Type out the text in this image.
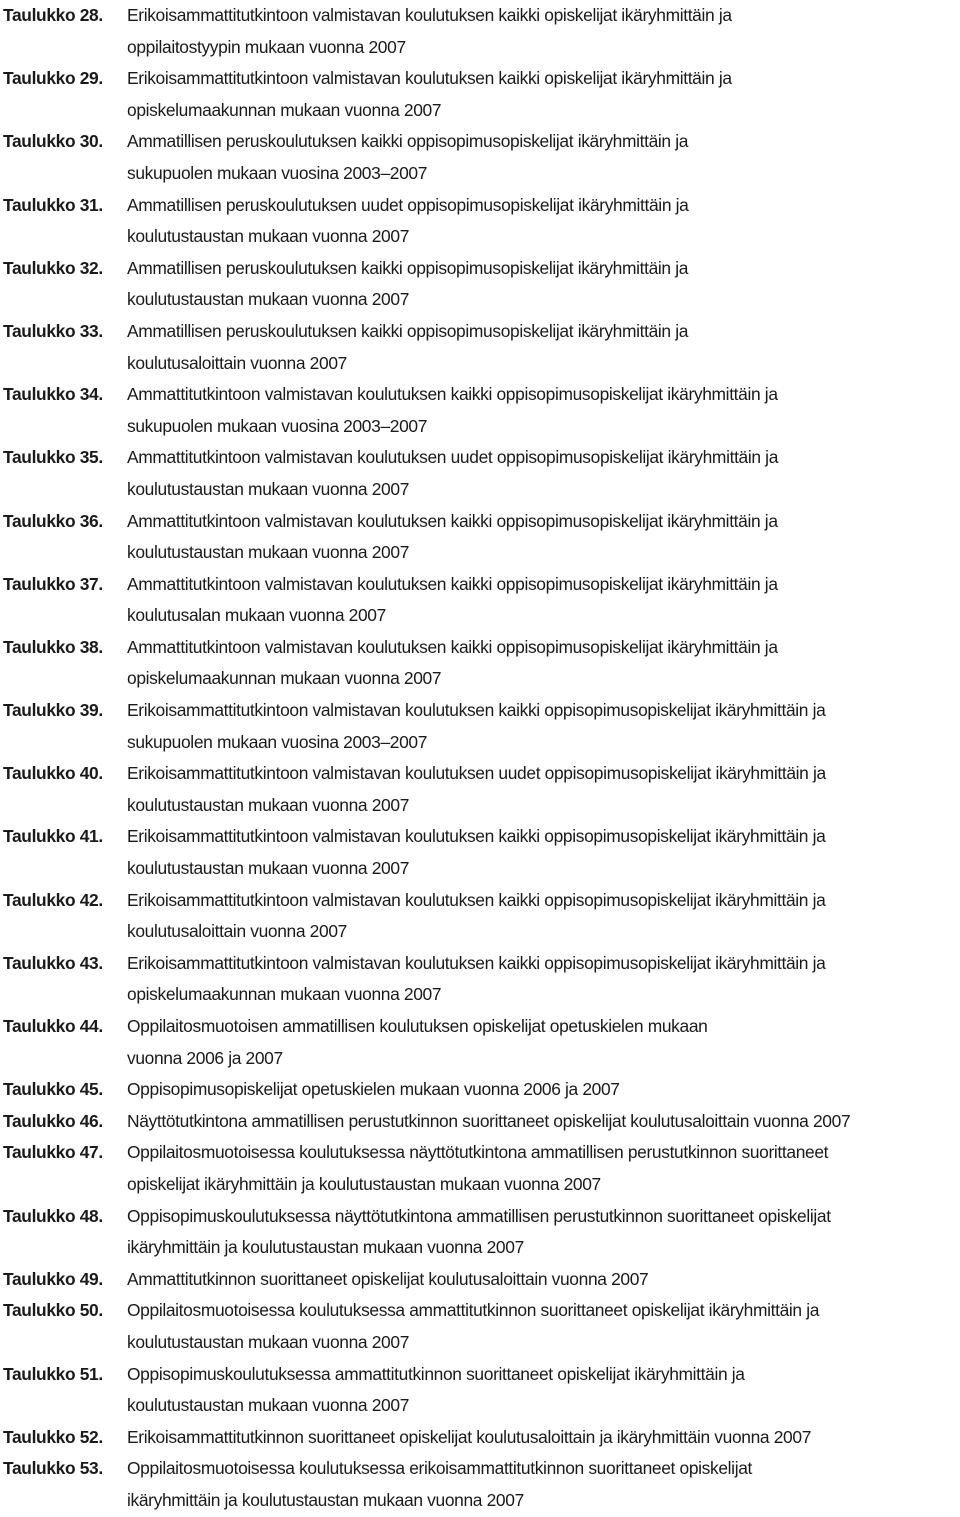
Taulukko 28.	Erikoisammattitutkintoon valmistavan koulutuksen kaikki opiskelijat ikäryhmittäin ja
oppilaitostyypin mukaan vuonna 2007
Taulukko 29.	Erikoisammattitutkintoon valmistavan koulutuksen kaikki opiskelijat ikäryhmittäin ja
opiskelumaakunnan mukaan vuonna 2007
Taulukko 30.	Ammatillisen peruskoulutuksen kaikki oppisopimusopiskelijat ikäryhmittäin ja
sukupuolen mukaan vuosina 2003–2007
Taulukko 31.	Ammatillisen peruskoulutuksen uudet oppisopimusopiskelijat ikäryhmittäin ja
koulutustaustan mukaan vuonna 2007
Taulukko 32.	Ammatillisen peruskoulutuksen kaikki oppisopimusopiskelijat ikäryhmittäin ja
koulutustaustan mukaan vuonna 2007
Taulukko 33.	Ammatillisen peruskoulutuksen kaikki oppisopimusopiskelijat ikäryhmittäin ja
koulutusaloittain vuonna 2007
Taulukko 34.	Ammattitutkintoon valmistavan koulutuksen kaikki oppisopimusopiskelijat ikäryhmittäin ja
sukupuolen mukaan vuosina 2003–2007
Taulukko 35.	Ammattitutkintoon valmistavan koulutuksen uudet oppisopimusopiskelijat ikäryhmittäin ja
koulutustaustan mukaan vuonna 2007
Taulukko 36.	Ammattitutkintoon valmistavan koulutuksen kaikki oppisopimusopiskelijat ikäryhmittäin ja
koulutustaustan mukaan vuonna 2007
Taulukko 37.	Ammattitutkintoon valmistavan koulutuksen kaikki oppisopimusopiskelijat ikäryhmittäin ja
koulutusalan mukaan vuonna 2007
Taulukko 38.	Ammattitutkintoon valmistavan koulutuksen kaikki oppisopimusopiskelijat ikäryhmittäin ja
opiskelumaakunnan mukaan vuonna 2007
Taulukko 39.	Erikoisammattitutkintoon valmistavan koulutuksen kaikki oppisopimusopiskelijat ikäryhmittäin ja
sukupuolen mukaan vuosina 2003–2007
Taulukko 40.	Erikoisammattitutkintoon valmistavan koulutuksen uudet oppisopimusopiskelijat ikäryhmittäin ja
koulutustaustan mukaan vuonna 2007
Taulukko 41.	Erikoisammattitutkintoon valmistavan koulutuksen kaikki oppisopimusopiskelijat ikäryhmittäin ja
koulutustaustan mukaan vuonna 2007
Taulukko 42.	Erikoisammattitutkintoon valmistavan koulutuksen kaikki oppisopimusopiskelijat ikäryhmittäin ja
koulutusaloittain vuonna 2007
Taulukko 43.	Erikoisammattitutkintoon valmistavan koulutuksen kaikki oppisopimusopiskelijat ikäryhmittäin ja
opiskelumaakunnan mukaan vuonna 2007
Taulukko 44.	Oppilaitosmuotoisen ammatillisen koulutuksen opiskelijat opetuskielen mukaan
vuonna 2006 ja 2007
Taulukko 45.	Oppisopimusopiskelijat opetuskielen mukaan vuonna 2006 ja 2007
Taulukko 46.	Näyttötutkintona ammatillisen perustutkinnon suorittaneet opiskelijat koulutusaloittain vuonna 2007
Taulukko 47.	Oppilaitosmuotoisessa koulutuksessa näyttötutkintona ammatillisen perustutkinnon suorittaneet
opiskelijat ikäryhmittäin ja koulutustaustan mukaan vuonna 2007
Taulukko 48.	Oppisopimuskoulutuksessa näyttötutkintona ammatillisen perustutkinnon suorittaneet opiskelijat
ikäryhmittäin ja koulutustaustan mukaan vuonna 2007
Taulukko 49.	Ammattitutkinnon suorittaneet opiskelijat koulutusaloittain vuonna 2007
Taulukko 50.	Oppilaitosmuotoisessa koulutuksessa ammattitutkinnon suorittaneet opiskelijat ikäryhmittäin ja
koulutustaustan mukaan vuonna 2007
Taulukko 51.	Oppisopimuskoulutuksessa ammattitutkinnon suorittaneet opiskelijat ikäryhmittäin ja
koulutustaustan mukaan vuonna 2007
Taulukko 52.	Erikoisammattitutkinnon suorittaneet opiskelijat koulutusaloittain ja ikäryhmittäin vuonna 2007
Taulukko 53.	Oppilaitosmuotoisessa koulutuksessa erikoisammattitutkinnon suorittaneet opiskelijat
ikäryhmittäin ja koulutustaustan mukaan vuonna 2007
